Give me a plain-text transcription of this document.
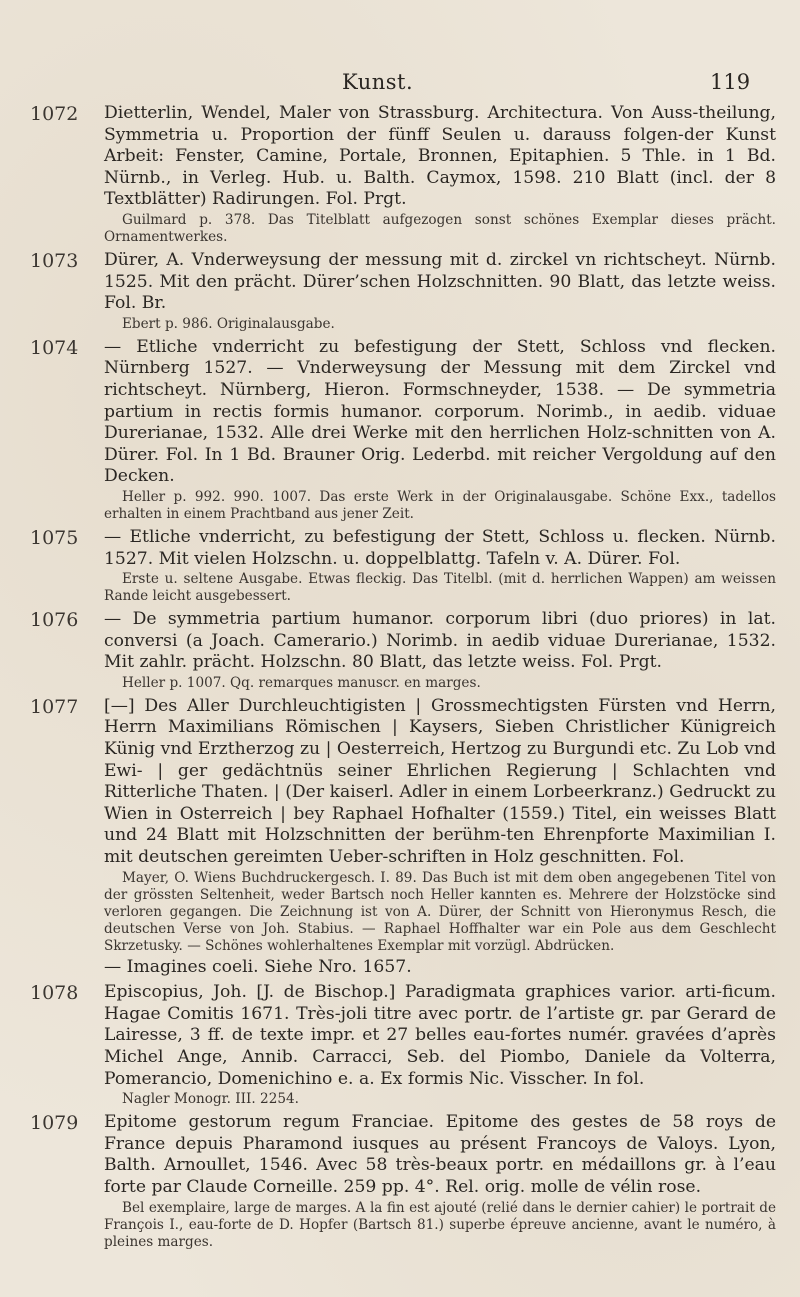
Kunst.	119
1072	Dietterlin, Wendel, Maler von Strassburg. Architectura. Von Auss-theilung, Symmetria u. Proportion der fünff Seulen u. darauss folgen-der Kunst Arbeit: Fenster, Camine, Portale, Bronnen, Epitaphien. 5 Thle. in 1 Bd. Nürnb., in Verleg. Hub. u. Balth. Caymox, 1598. 210 Blatt (incl. der 8 Textblätter) Radirungen. Fol. Prgt.

Guilmard p. 378. Das Titelblatt aufgezogen sonst schönes Exemplar dieses prächt. Ornamentwerkes.

1073	Dürer, A. Vnderweysung der messung mit d. zirckel vn richtscheyt. Nürnb. 1525. Mit den prächt. Dürer’schen Holzschnitten. 90 Blatt, das letzte weiss. Fol. Br.

Ebert p. 986. Originalausgabe.

1074	— Etliche vnderricht zu befestigung der Stett, Schloss vnd flecken. Nürnberg 1527. — Vnderweysung der Messung mit dem Zirckel vnd richtscheyt. Nürnberg, Hieron. Formschneyder, 1538. — De symmetria partium in rectis formis humanor. corporum. Norimb., in aedib. viduae Durerianae, 1532. Alle drei Werke mit den herrlichen Holz-schnitten von A. Dürer. Fol. In 1 Bd. Brauner Orig. Lederbd. mit reicher Vergoldung auf den Decken.

Heller p. 992. 990. 1007. Das erste Werk in der Originalausgabe. Schöne Exx., tadellos erhalten in einem Prachtband aus jener Zeit.

1075	— Etliche vnderricht, zu befestigung der Stett, Schloss u. flecken. Nürnb. 1527. Mit vielen Holzschn. u. doppelblattg. Tafeln v. A. Dürer. Fol.

Erste u. seltene Ausgabe. Etwas fleckig. Das Titelbl. (mit d. herrlichen Wappen) am weissen Rande leicht ausgebessert.

1076	— De symmetria partium humanor. corporum libri (duo priores) in lat. conversi (a Joach. Camerario.) Norimb. in aedib viduae Durerianae, 1532. Mit zahlr. prächt. Holzschn. 80 Blatt, das letzte weiss. Fol. Prgt.

Heller p. 1007. Qq. remarques manuscr. en marges.

1077	[—] Des Aller Durchleuchtigisten | Grossmechtigsten Fürsten vnd Herrn, Herrn Maximilians Römischen | Kaysers, Sieben Christlicher Künigreich Künig vnd Erztherzog zu | Oesterreich, Hertzog zu Burgundi etc. Zu Lob vnd Ewi- | ger gedächtnüs seiner Ehrlichen Regierung | Schlachten vnd Ritterliche Thaten. | (Der kaiserl. Adler in einem Lorbeerkranz.) Gedruckt zu Wien in Osterreich | bey Raphael Hofhalter (1559.) Titel, ein weisses Blatt und 24 Blatt mit Holzschnitten der berühm-ten Ehrenpforte Maximilian I. mit deutschen gereimten Ueber-schriften in Holz geschnitten. Fol.

Mayer, O. Wiens Buchdruckergesch. I. 89. Das Buch ist mit dem oben angegebenen Titel von der grössten Seltenheit, weder Bartsch noch Heller kannten es. Mehrere der Holzstöcke sind verloren gegangen. Die Zeichnung ist von A. Dürer, der Schnitt von Hieronymus Resch, die deutschen Verse von Joh. Stabius. — Raphael Hoffhalter war ein Pole aus dem Geschlecht Skrzetusky. — Schönes wohlerhaltenes Exemplar mit vorzügl. Abdrücken.

— Imagines coeli. Siehe Nro. 1657.

1078	Episcopius, Joh. [J. de Bischop.] Paradigmata graphices varior. arti-ficum. Hagae Comitis 1671. Très-joli titre avec portr. de l’artiste gr. par Gerard de Lairesse, 3 ff. de texte impr. et 27 belles eau-fortes numér. gravées d’après Michel Ange, Annib. Carracci, Seb. del Piombo, Daniele da Volterra, Pomerancio, Domenichino e. a. Ex formis Nic. Visscher. In fol.

Nagler Monogr. III. 2254.

1079	Epitome gestorum regum Franciae. Epitome des gestes de 58 roys de France depuis Pharamond iusques au présent Francoys de Valoys. Lyon, Balth. Arnoullet, 1546. Avec 58 très-beaux portr. en médaillons gr. à l’eau forte par Claude Corneille. 259 pp. 4°. Rel. orig. molle de vélin rose.

Bel exemplaire, large de marges. A la fin est ajouté (relié dans le dernier cahier) le portrait de François I., eau-forte de D. Hopfer (Bartsch 81.) superbe épreuve ancienne, avant le numéro, à pleines marges.
